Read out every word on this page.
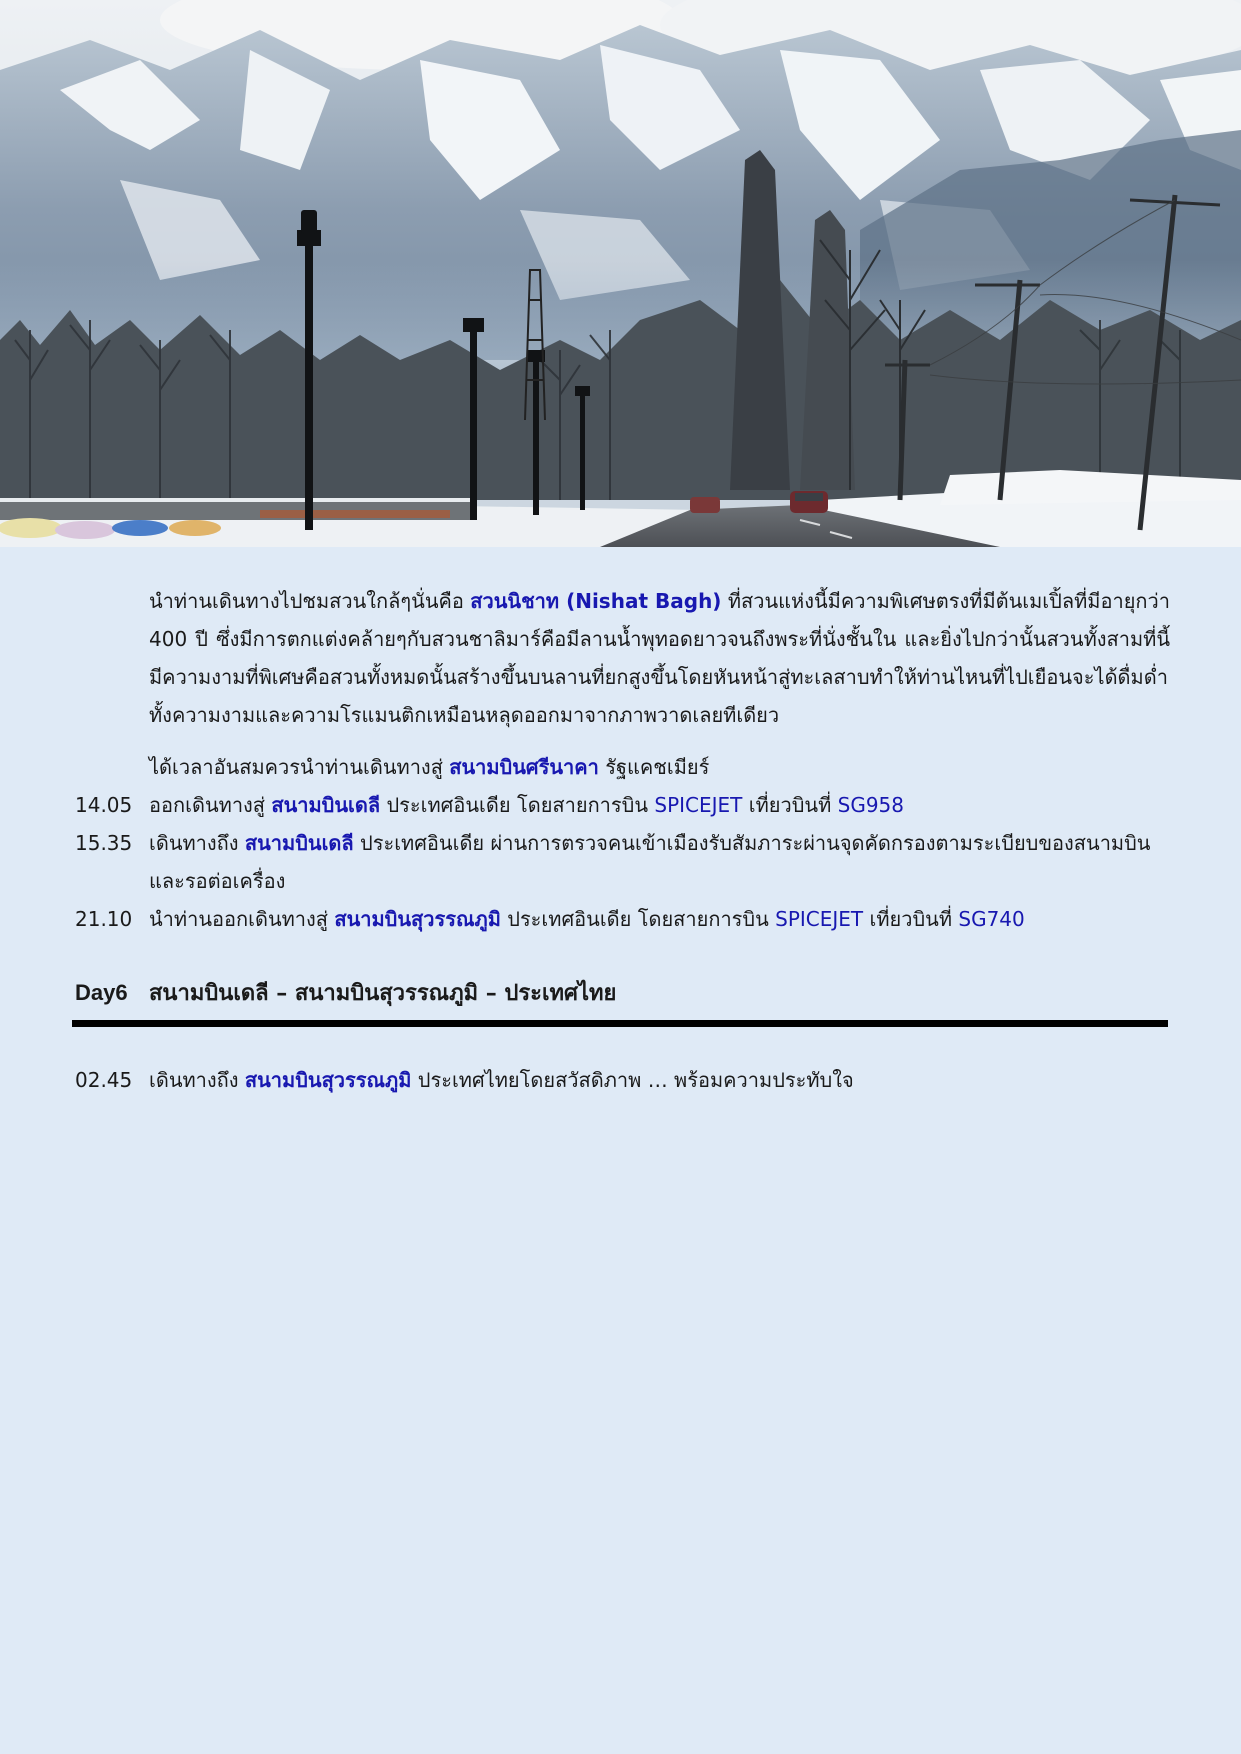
นำท่านเดินทางไปชมสวนใกล้ๆนั่นคือ สวนนิชาท (Nishat Bagh) ที่สวนแห่งนี้มีความพิเศษตรงที่มีต้นเมเปิ้ลที่มีอายุกว่า 400 ปี ซึ่งมีการตกแต่งคล้ายๆกับสวนชาลิมาร์คือมีลานน้ำพุทอดยาวจนถึงพระที่นั่งชั้นใน และยิ่งไปกว่านั้นสวนทั้งสามที่นี้มีความงามที่พิเศษคือสวนทั้งหมดนั้นสร้างขึ้นบนลานที่ยกสูงขึ้นโดยหันหน้าสู่ทะเลสาบทำให้ท่านไหนที่ไปเยือนจะได้ดื่มด่ำทั้งความงามและความโรแมนติกเหมือนหลุดออกมาจากภาพวาดเลยทีเดียว

ได้เวลาอันสมควรนำท่านเดินทางสู่ สนามบินศรีนาคา รัฐแคชเมียร์

14.05 ออกเดินทางสู่ สนามบินเดลี ประเทศอินเดีย โดยสายการบิน SPICEJET เที่ยวบินที่ SG958
15.35 เดินทางถึง สนามบินเดลี ประเทศอินเดีย ผ่านการตรวจคนเข้าเมืองรับสัมภาระผ่านจุดคัดกรองตามระเบียบของสนามบิน และรอต่อเครื่อง
21.10 นำท่านออกเดินทางสู่ สนามบินสุวรรณภูมิ ประเทศอินเดีย โดยสายการบิน SPICEJET เที่ยวบินที่ SG740
Day6 สนามบินเดลี – สนามบินสุวรรณภูมิ – ประเทศไทย
02.45 เดินทางถึง สนามบินสุวรรณภูมิ ประเทศไทยโดยสวัสดิภาพ … พร้อมความประทับใจ
